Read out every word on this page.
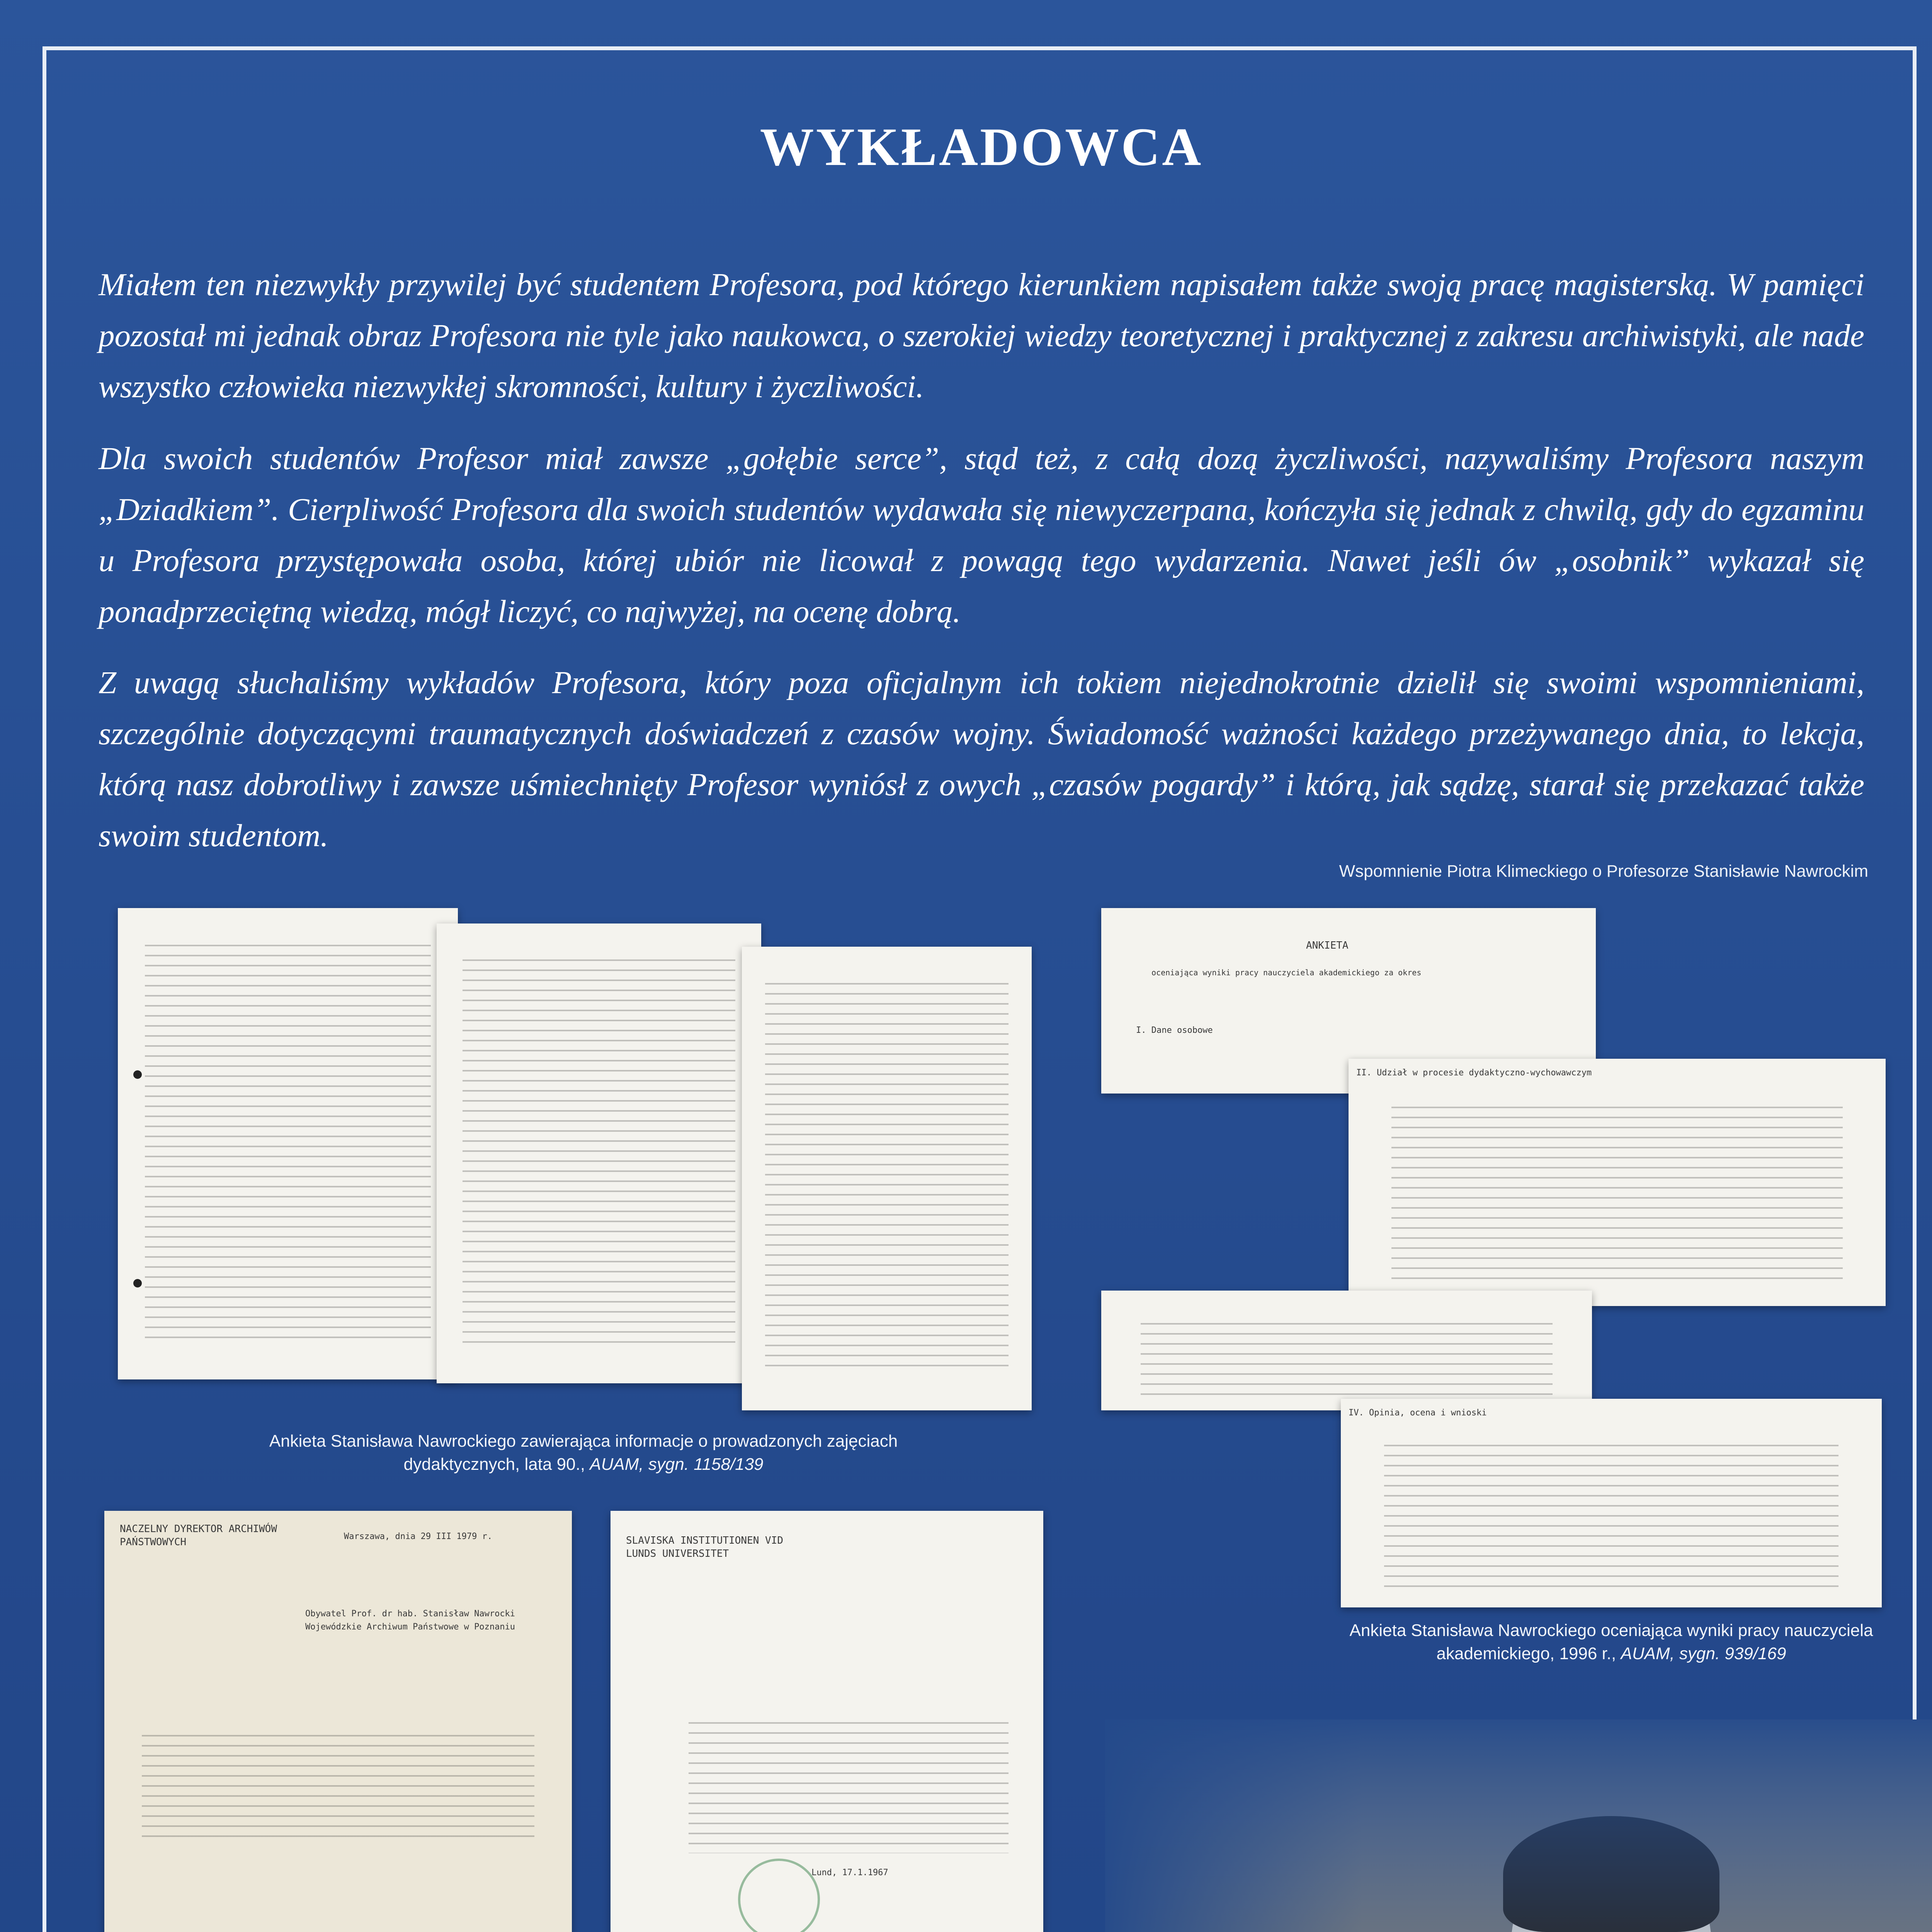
WYKŁADOWCA

Miałem ten niezwykły przywilej być studentem Profesora, pod którego kierunkiem napisałem także swoją pracę magisterską. W pamięci pozostał mi jednak obraz Profesora nie tyle jako naukowca, o szerokiej wiedzy teoretycznej i praktycznej z zakresu archiwistyki, ale nade wszystko człowieka niezwykłej skromności, kultury i życzliwości.

Dla swoich studentów Profesor miał zawsze „gołębie serce”, stąd też, z całą dozą życzliwości, nazywaliśmy Profesora naszym „Dziadkiem”. Cierpliwość Profesora dla swoich studentów wydawała się niewyczerpana, kończyła się jednak z chwilą, gdy do egzaminu u Profesora przystępowała osoba, której ubiór nie licował z powagą tego wydarzenia. Nawet jeśli ów „osobnik” wykazał się ponadprzeciętną wiedzą, mógł liczyć, co najwyżej, na ocenę dobrą.

Z uwagą słuchaliśmy wykładów Profesora, który poza oficjalnym ich tokiem niejednokrotnie dzielił się swoimi wspomnieniami, szczególnie dotyczącymi traumatycznych doświadczeń z czasów wojny. Świadomość ważności każdego przeżywanego dnia, to lekcja, którą nasz dobrotliwy i zawsze uśmiechnięty Profesor wyniósł z owych „czasów pogardy” i którą, jak sądzę, starał się przekazać także swoim studentom.

Wspomnienie Piotra Klimeckiego o Profesorze Stanisławie Nawrockim
Ankieta Stanisława Nawrockiego zawierająca informacje o prowadzonych zajęciach dydaktycznych, lata 90., AUAM, sygn. 1158/139
ANKIETA
oceniająca wyniki pracy nauczyciela akademickiego za okres
I. Dane osobowe
II. Udział w procesie dydaktyczno-wychowawczym
IV. Opinia, ocena i wnioski
Ankieta Stanisława Nawrockiego oceniająca wyniki pracy nauczyciela akademickiego, 1996 r., AUAM, sygn. 939/169
NACZELNY DYREKTOR ARCHIWÓW PAŃSTWOWYCH	Warszawa, dnia 29 III 1979 r.
Obywatel Prof. dr hab. Stanisław Nawrocki Wojewódzkie Archiwum Państwowe w Poznaniu
SLAVISKA INSTITUTIONEN VID LUNDS UNIVERSITET
Lund, 17.1.1967
